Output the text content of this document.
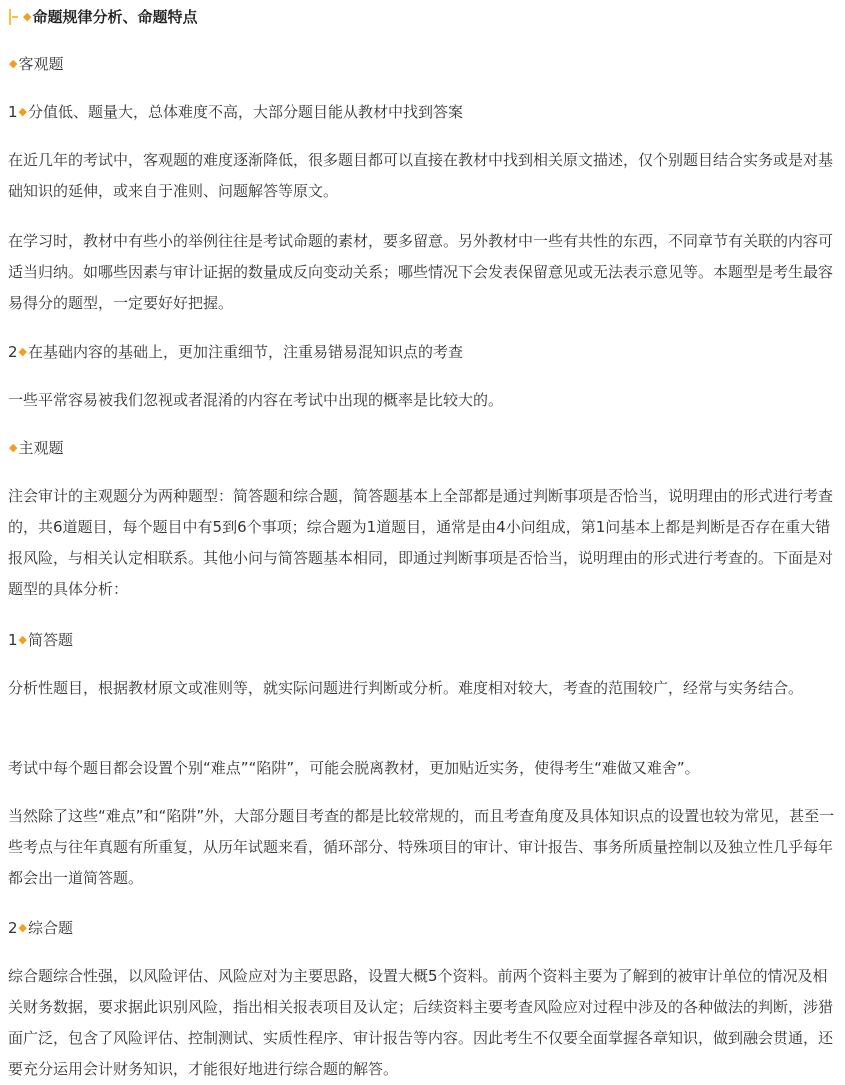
◆命题规律分析、命题特点
◆客观题
1◆分值低、题量大，总体难度不高，大部分题目能从教材中找到答案
在近几年的考试中，客观题的难度逐渐降低，很多题目都可以直接在教材中找到相关原文描述，仅个别题目结合实务或是对基础知识的延伸，或来自于准则、问题解答等原文。
在学习时，教材中有些小的举例往往是考试命题的素材，要多留意。另外教材中一些有共性的东西，不同章节有关联的内容可适当归纳。如哪些因素与审计证据的数量成反向变动关系；哪些情况下会发表保留意见或无法表示意见等。本题型是考生最容易得分的题型，一定要好好把握。
2◆在基础内容的基础上，更加注重细节，注重易错易混知识点的考查
一些平常容易被我们忽视或者混淆的内容在考试中出现的概率是比较大的。
◆主观题
注会审计的主观题分为两种题型：简答题和综合题，简答题基本上全部都是通过判断事项是否恰当，说明理由的形式进行考查的，共6道题目，每个题目中有5到6个事项；综合题为1道题目，通常是由4小问组成，第1问基本上都是判断是否存在重大错报风险，与相关认定相联系。其他小问与简答题基本相同，即通过判断事项是否恰当，说明理由的形式进行考查的。下面是对题型的具体分析：
1◆简答题
分析性题目，根据教材原文或准则等，就实际问题进行判断或分析。难度相对较大，考查的范围较广，经常与实务结合。
考试中每个题目都会设置个别“难点”“陷阱”，可能会脱离教材，更加贴近实务，使得考生“难做又难舍”。
当然除了这些“难点”和“陷阱”外，大部分题目考查的都是比较常规的，而且考查角度及具体知识点的设置也较为常见，甚至一些考点与往年真题有所重复，从历年试题来看，循环部分、特殊项目的审计、审计报告、事务所质量控制以及独立性几乎每年都会出一道简答题。
2◆综合题
综合题综合性强，以风险评估、风险应对为主要思路，设置大概5个资料。前两个资料主要为了解到的被审计单位的情况及相关财务数据，要求据此识别风险，指出相关报表项目及认定；后续资料主要考查风险应对过程中涉及的各种做法的判断，涉猎面广泛，包含了风险评估、控制测试、实质性程序、审计报告等内容。因此考生不仅要全面掌握各章知识，做到融会贯通，还要充分运用会计财务知识，才能很好地进行综合题的解答。
